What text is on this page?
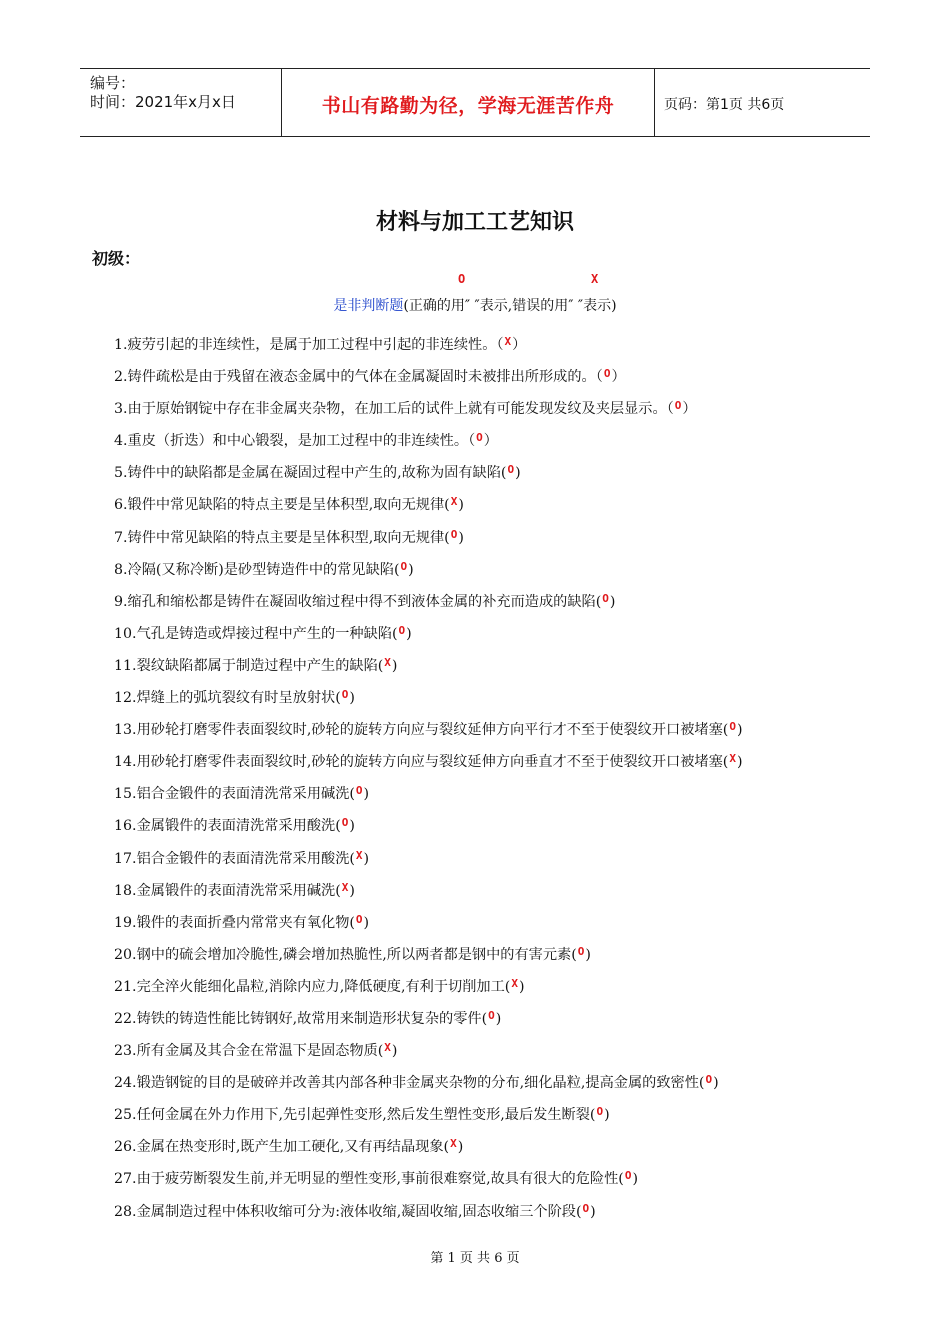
编号：
时间：2021年x月x日	书山有路勤为径，学海无涯苦作舟	页码：第1页 共6页
材料与加工工艺知识
初级：
O	X
是非判断题(正确的用″ ″表示,错误的用″ ″表示)
1.疲劳引起的非连续性，是属于加工过程中引起的非连续性。（$^X$）
2.铸件疏松是由于残留在液态金属中的气体在金属凝固时未被排出所形成的。（$^O$）
3.由于原始钢锭中存在非金属夹杂物，在加工后的试件上就有可能发现发纹及夹层显示。（$^O$）
4.重皮（折迭）和中心锻裂，是加工过程中的非连续性。（$^O$）
5.铸件中的缺陷都是金属在凝固过程中产生的,故称为固有缺陷($^O$)
6.锻件中常见缺陷的特点主要是呈体积型,取向无规律($^X$)
7.铸件中常见缺陷的特点主要是呈体积型,取向无规律($^O$)
8.冷隔(又称冷断)是砂型铸造件中的常见缺陷($^O$)
9.缩孔和缩松都是铸件在凝固收缩过程中得不到液体金属的补充而造成的缺陷($^O$)
10.气孔是铸造或焊接过程中产生的一种缺陷($^O$)
11.裂纹缺陷都属于制造过程中产生的缺陷($^X$)
12.焊缝上的弧坑裂纹有时呈放射状($^O$)
13.用砂轮打磨零件表面裂纹时,砂轮的旋转方向应与裂纹延伸方向平行才不至于使裂纹开口被堵塞($^O$)
14.用砂轮打磨零件表面裂纹时,砂轮的旋转方向应与裂纹延伸方向垂直才不至于使裂纹开口被堵塞($^X$)
15.铝合金锻件的表面清洗常采用碱洗($^O$)
16.金属锻件的表面清洗常采用酸洗($^O$)
17.铝合金锻件的表面清洗常采用酸洗($^X$)
18.金属锻件的表面清洗常采用碱洗($^X$)
19.锻件的表面折叠内常常夹有氧化物($^O$)
20.钢中的硫会增加冷脆性,磷会增加热脆性,所以两者都是钢中的有害元素($^O$)
21.完全淬火能细化晶粒,消除内应力,降低硬度,有利于切削加工($^X$)
22.铸铁的铸造性能比铸钢好,故常用来制造形状复杂的零件($^O$)
23.所有金属及其合金在常温下是固态物质($^X$)
24.锻造钢锭的目的是破碎并改善其内部各种非金属夹杂物的分布,细化晶粒,提高金属的致密性($^O$)
25.任何金属在外力作用下,先引起弹性变形,然后发生塑性变形,最后发生断裂($^O$)
26.金属在热变形时,既产生加工硬化,又有再结晶现象($^X$)
27.由于疲劳断裂发生前,并无明显的塑性变形,事前很难察觉,故具有很大的危险性($^O$)
28.金属制造过程中体积收缩可分为:液体收缩,凝固收缩,固态收缩三个阶段($^O$)
第 1 页 共 6 页
